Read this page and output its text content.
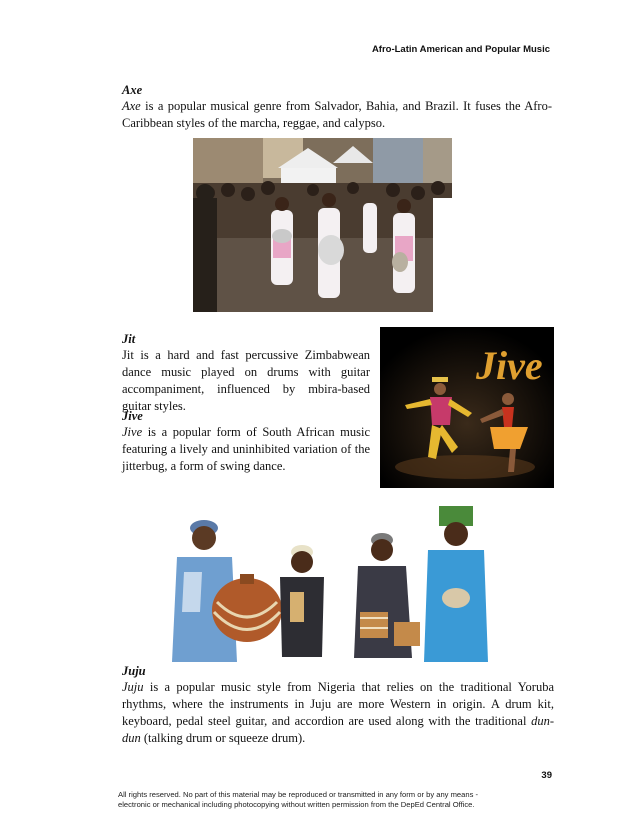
Afro-Latin American and Popular Music
Axe
Axe is a popular musical genre from Salvador, Bahia, and Brazil. It fuses the Afro-Caribbean styles of the marcha, reggae, and calypso.
Jit
Jit is a hard and fast percussive Zimbabwean dance music played on drums with guitar accompaniment, influenced by mbira-based guitar styles.
Jive
Jive is a popular form of South African music featuring a lively and uninhibited variation of the jitterbug, a form of swing dance.
Jive
Juju
Juju is a popular music style from Nigeria that relies on the traditional Yoruba rhythms, where the instruments in Juju are more Western in origin. A drum kit, keyboard, pedal steel guitar, and accordion are used along with the traditional dun-dun (talking drum or squeeze drum).
39
All rights reserved. No part of this material may be reproduced or transmitted in any form or by any means -
electronic or mechanical including photocopying without written permission from the DepEd Central Office.
